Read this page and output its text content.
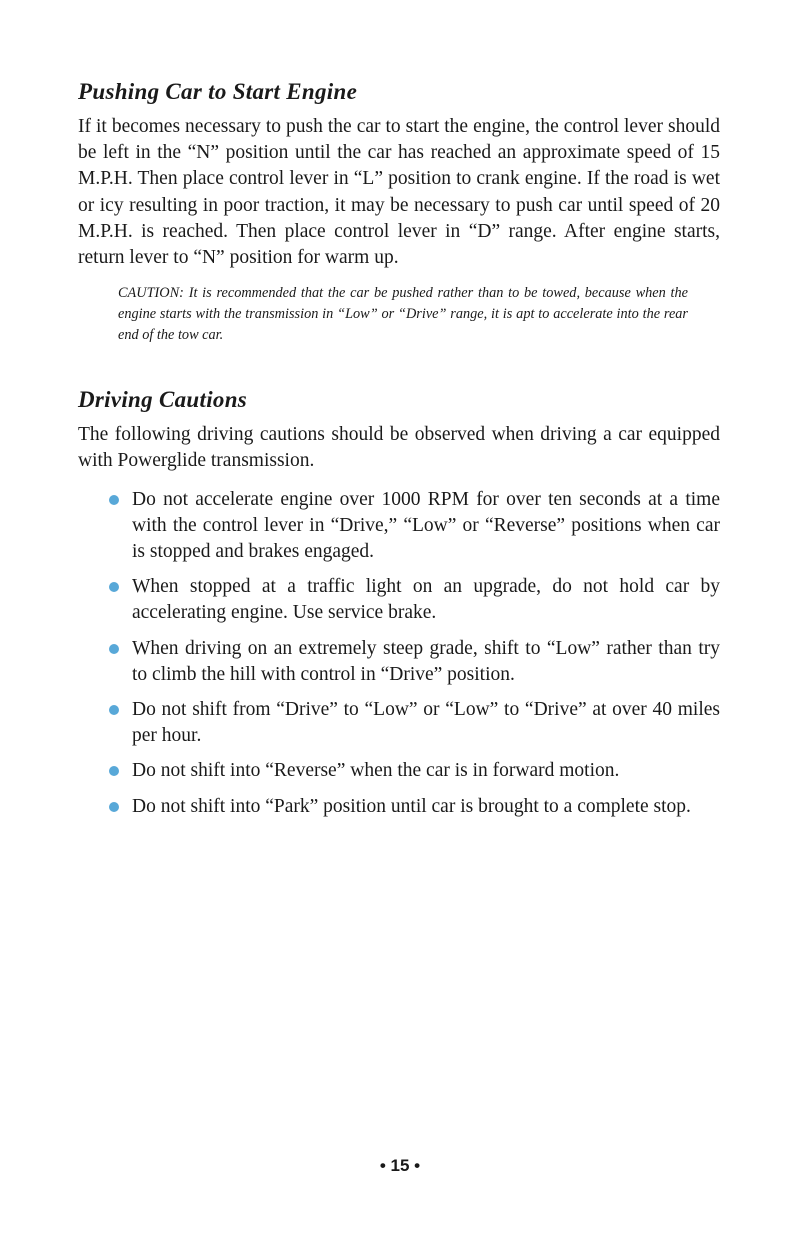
Pushing Car to Start Engine

If it becomes necessary to push the car to start the engine, the control lever should be left in the “N” position until the car has reached an approximate speed of 15 M.P.H. Then place control lever in “L” position to crank engine. If the road is wet or icy resulting in poor traction, it may be necessary to push car until speed of 20 M.P.H. is reached. Then place control lever in “D” range. After engine starts, return lever to “N” position for warm up.

CAUTION: It is recommended that the car be pushed rather than to be towed, because when the engine starts with the transmission in “Low” or “Drive” range, it is apt to accelerate into the rear end of the tow car.

Driving Cautions

The following driving cautions should be observed when driving a car equipped with Powerglide transmission.

Do not accelerate engine over 1000 RPM for over ten seconds at a time with the control lever in “Drive,” “Low” or “Reverse” positions when car is stopped and brakes engaged.
When stopped at a traffic light on an upgrade, do not hold car by accelerating engine. Use service brake.
When driving on an extremely steep grade, shift to “Low” rather than try to climb the hill with control in “Drive” position.
Do not shift from “Drive” to “Low” or “Low” to “Drive” at over 40 miles per hour.
Do not shift into “Reverse” when the car is in forward motion.
Do not shift into “Park” position until car is brought to a complete stop.
• 15 •
